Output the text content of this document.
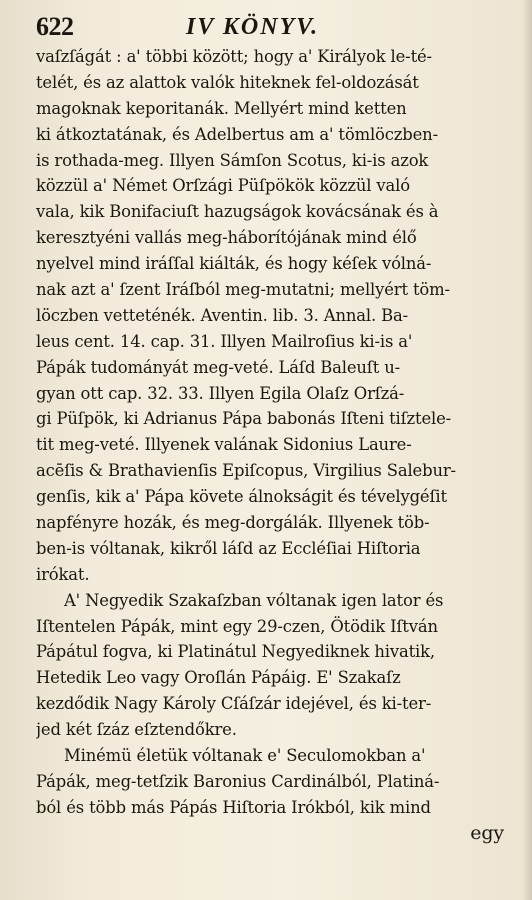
622	IV KÖNYV.
vaſzſágát : a' többi között; hogy a' Királyok le-té-
telét, és az alattok valók hiteknek fel-oldozását
magoknak keporitanák. Mellyért mind ketten
ki átkoztatának, és Adelbertus am a' tömlöczben-
is rothada-meg. Illyen Sámſon Scotus, ki-is azok
közzül a' Német Orſzági Püſpökök közzül való
vala, kik Bonifaciuſt hazugságok kovácsának és à
keresztyéni vallás meg-háborítójának mind élő
nyelvel mind iráſſal kiálták, és hogy kéſek vólná-
nak azt a' ſzent Iráſból meg-mutatni; mellyért töm-
löczben vetteténék. Aventin. lib. 3. Annal. Ba-
leus cent. 14. cap. 31. Illyen Mailroſius ki-is a'
Pápák tudományát meg-veté. Láſd Baleuſt u-
gyan ott cap. 32. 33. Illyen Egila Olaſz Orſzá-
gi Püſpök, ki Adrianus Pápa babonás Iſteni tiſztele-
tit meg-veté. Illyenek valának Sidonius Laure-
acēſis & Brathavienſis Epiſcopus, Virgilius Salebur-
genſis, kik a' Pápa követe álnokságit és tévelygéſit
napfényre hozák, és meg-dorgálák. Illyenek töb-
ben-is vóltanak, kikről láſd az Eccléſiai Hiſtoria
irókat.
A' Negyedik Szakaſzban vóltanak igen lator és
Iſtentelen Pápák, mint egy 29-czen, Ötödik Iſtván
Pápátul fogva, ki Platinátul Negyediknek hivatik,
Hetedik Leo vagy Oroſlán Pápáig. E' Szakaſz
kezdődik Nagy Károly Cſáſzár idejével, és ki-ter-
jed két ſzáz eſztendőkre.
Minémü életük vóltanak e' Seculomokban a'
Pápák, meg-tetſzik Baronius Cardinálból, Platiná-
ból és több más Pápás Hiſtoria Irókból, kik mind
egy
